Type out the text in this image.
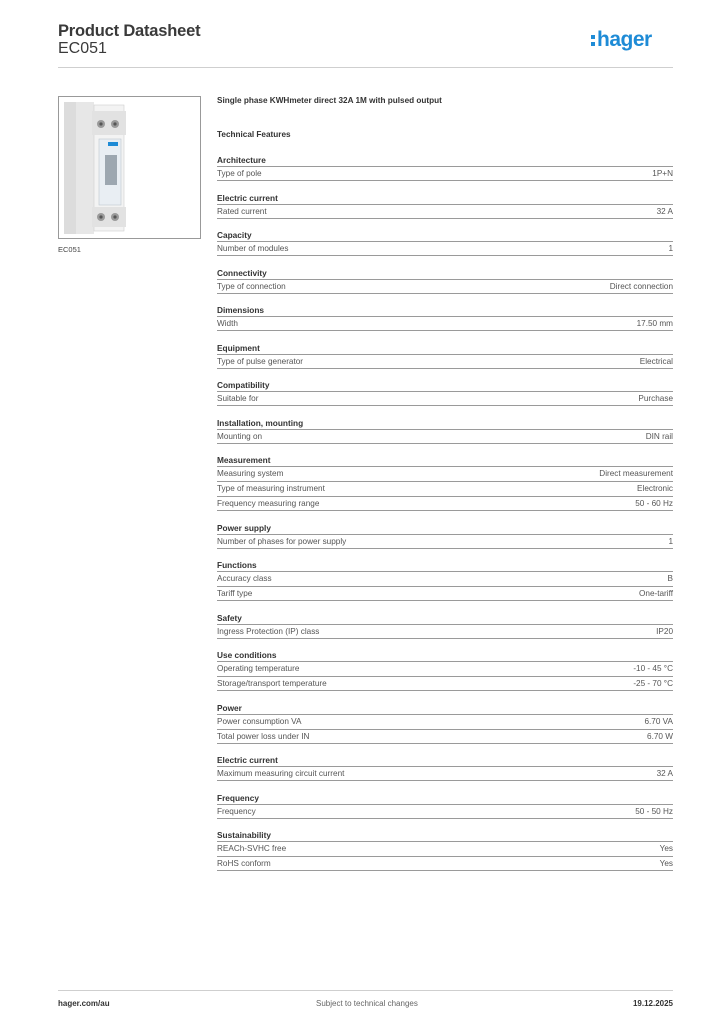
Product Datasheet
EC051	hager
EC051
Single phase KWHmeter direct 32A 1M with pulsed output
Technical Features
Architecture
Type of pole	1P+N
Electric current
Rated current	32 A
Capacity
Number of modules	1
Connectivity
Type of connection	Direct connection
Dimensions
Width	17.50 mm
Equipment
Type of pulse generator	Electrical
Compatibility
Suitable for	Purchase
Installation, mounting
Mounting on	DIN rail
Measurement
Measuring system	Direct measurement
Type of measuring instrument	Electronic
Frequency measuring range	50 - 60 Hz
Power supply
Number of phases for power supply	1
Functions
Accuracy class	B
Tariff type	One-tariff
Safety
Ingress Protection (IP) class	IP20
Use conditions
Operating temperature	-10 - 45 °C
Storage/transport temperature	-25 - 70 °C
Power
Power consumption VA	6.70 VA
Total power loss under IN	6.70 W
Electric current
Maximum measuring circuit current	32 A
Frequency
Frequency	50 - 50 Hz
Sustainability
REACh-SVHC free	Yes
RoHS conform	Yes
hager.com/au	Subject to technical changes	19.12.2025
